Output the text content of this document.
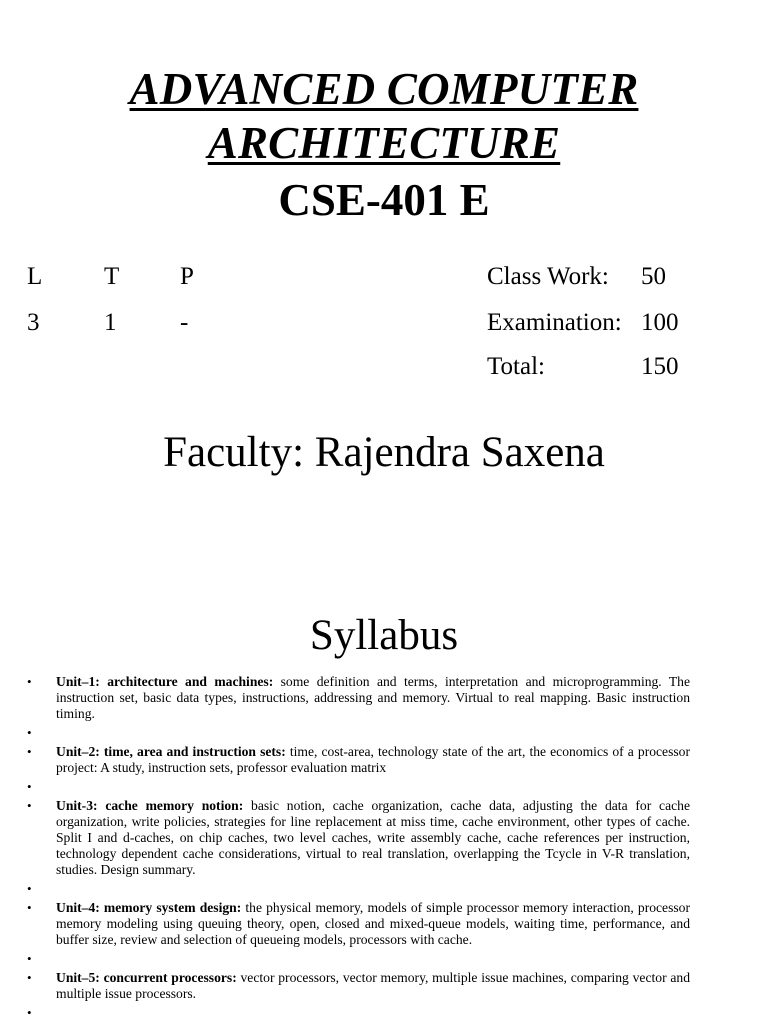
ADVANCED COMPUTER
ARCHITECTURE
CSE-401 E
L T P
3	1	-
Class Work: 50
Examination: 100
Total:	150
Faculty: Rajendra Saxena
Syllabus
• Unit–1: architecture and machines: some definition and terms, interpretation and microprogramming. The instruction set, basic data types, instructions, addressing and memory. Virtual to real mapping. Basic instruction timing.
•
• Unit–2: time, area and instruction sets: time, cost-area, technology state of the art, the economics of a processor project: A study, instruction sets, professor evaluation matrix
•
• Unit-3: cache memory notion: basic notion, cache organization, cache data, adjusting the data for cache organization, write policies, strategies for line replacement at miss time, cache environment, other types of cache. Split I and d-caches, on chip caches, two level caches, write assembly cache, cache references per instruction, technology dependent cache considerations, virtual to real translation, overlapping the Tcycle in V-R translation, studies. Design summary.
•
• Unit–4: memory system design: the physical memory, models of simple processor memory interaction, processor memory modeling using queuing theory, open, closed and mixed-queue models, waiting time, performance, and buffer size, review and selection of queueing models, processors with cache.
•
• Unit–5: concurrent processors: vector processors, vector memory, multiple issue machines, comparing vector and multiple issue processors.
•
